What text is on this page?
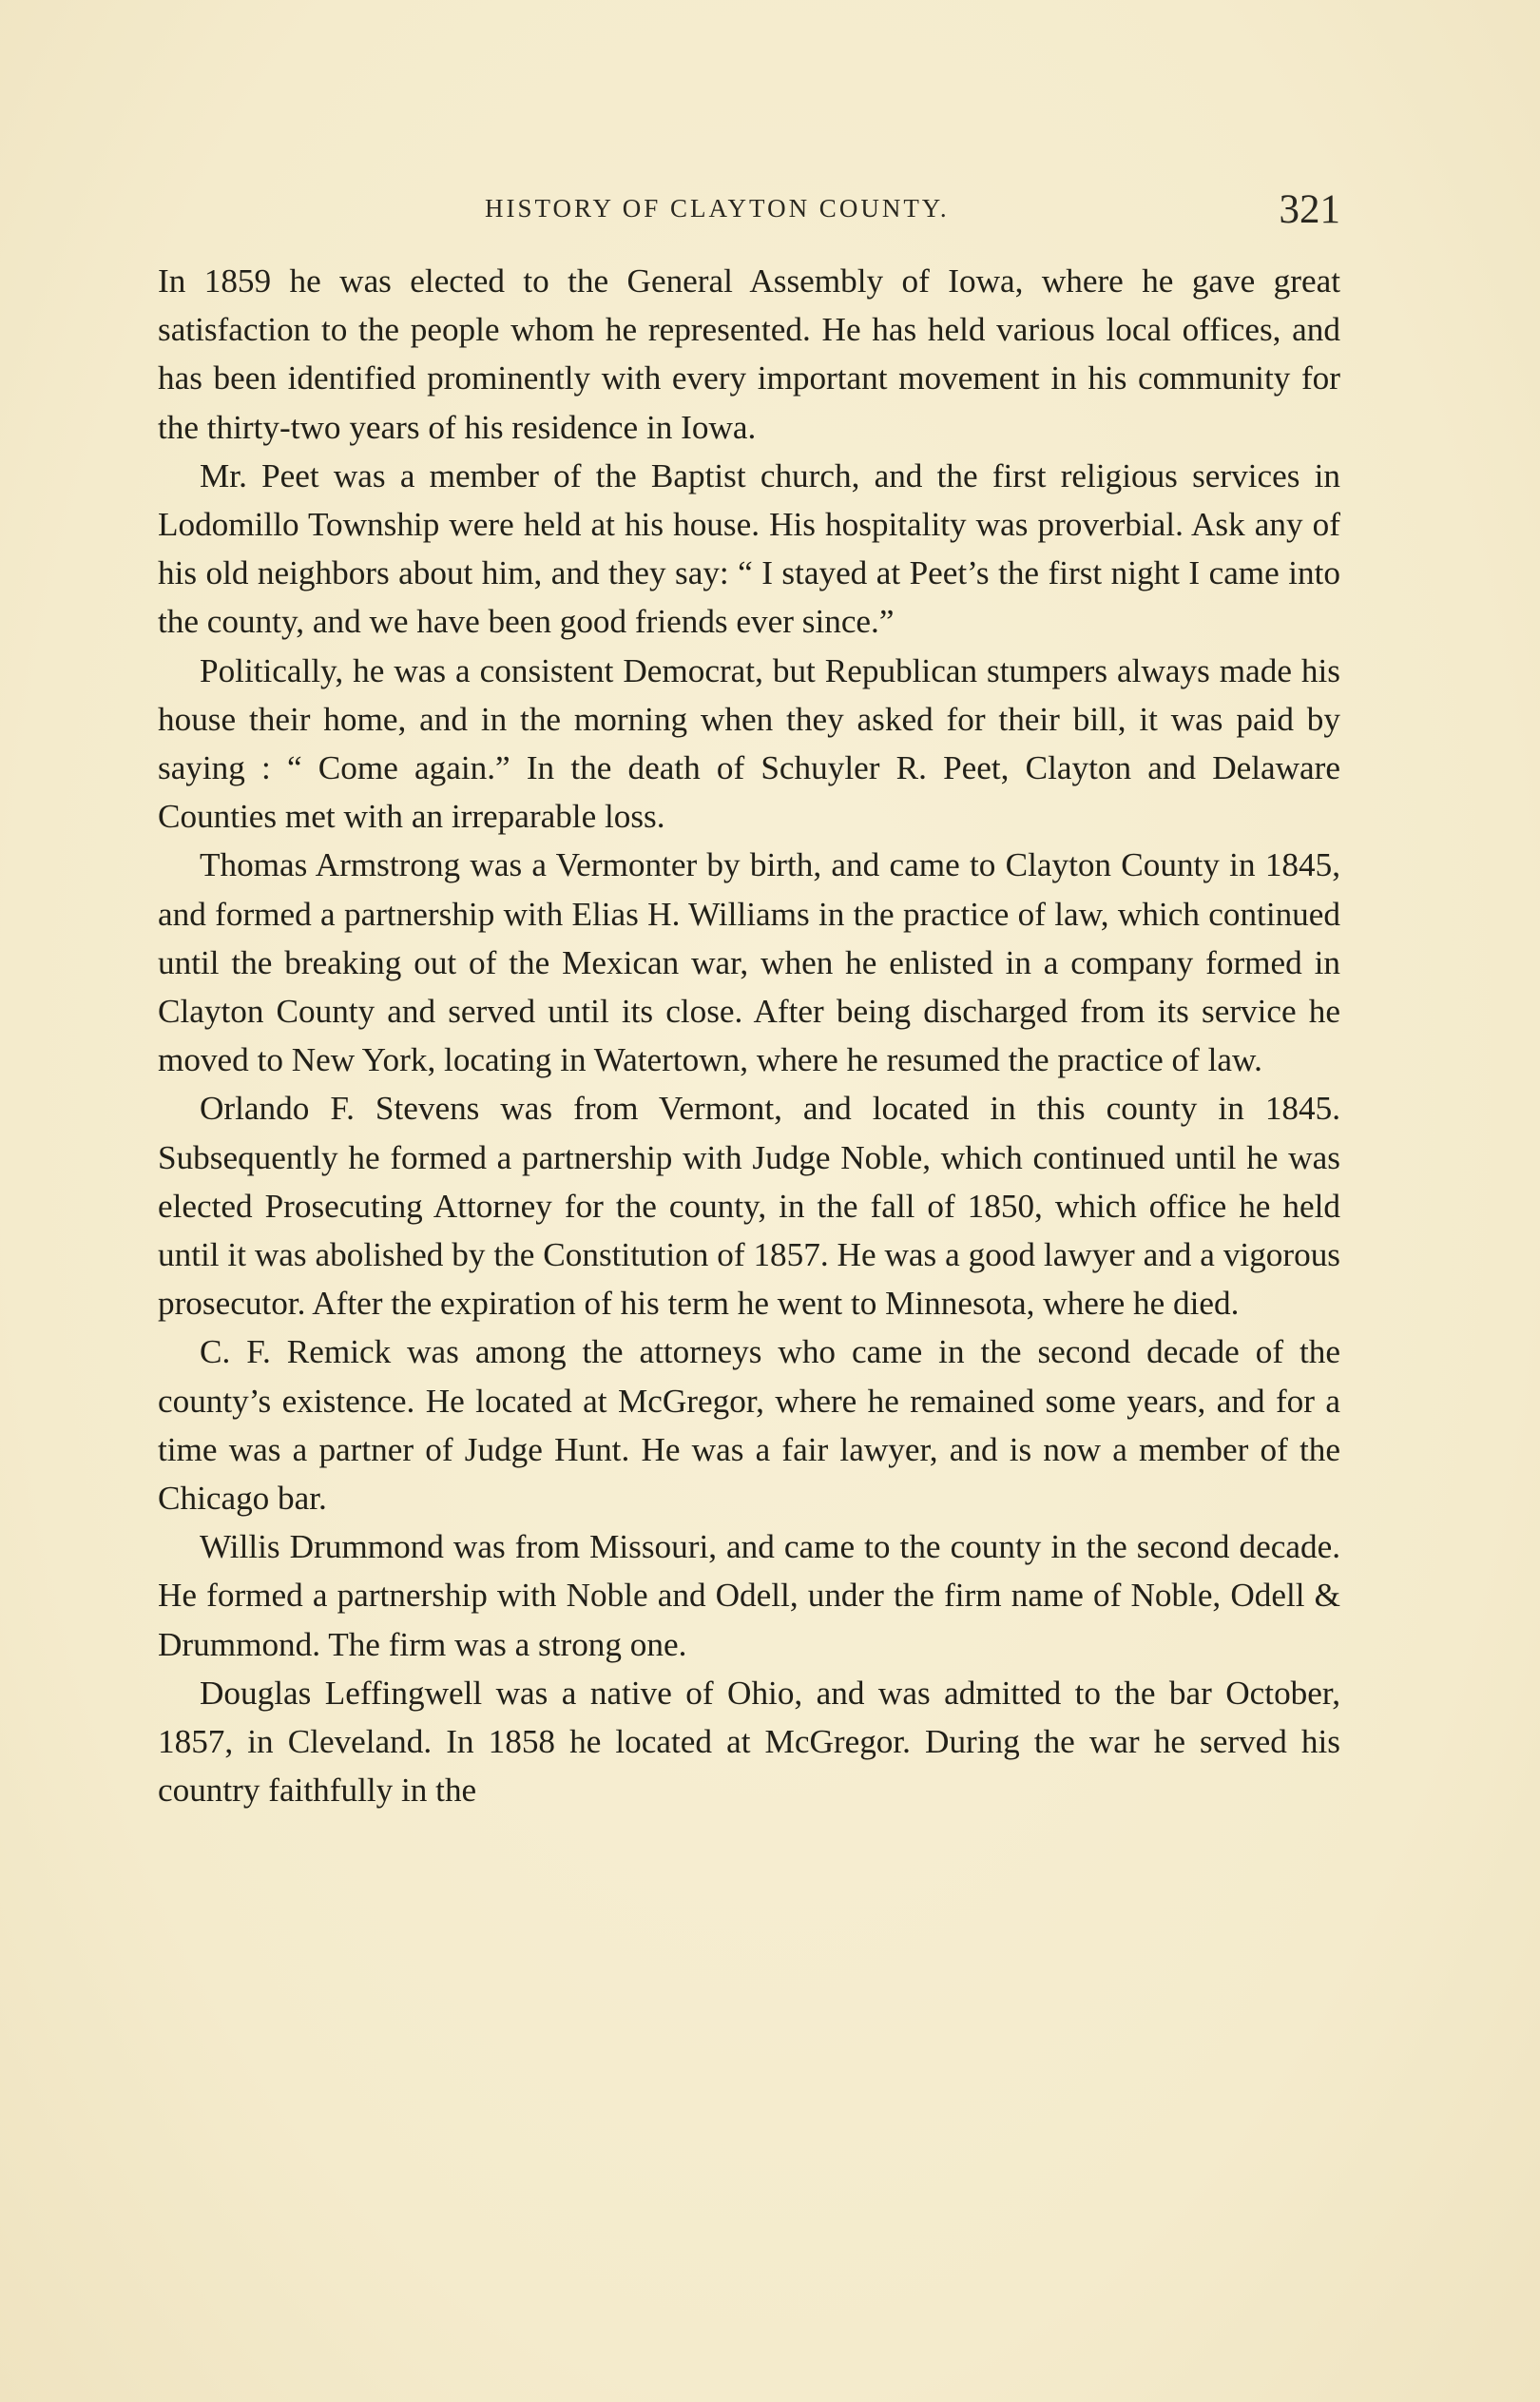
HISTORY OF CLAYTON COUNTY.	321

In 1859 he was elected to the General Assembly of Iowa, where he gave great satisfaction to the people whom he represented. He has held various local offices, and has been identified prominently with every important movement in his community for the thirty-two years of his residence in Iowa.

Mr. Peet was a member of the Baptist church, and the first religious services in Lodomillo Township were held at his house. His hospitality was proverbial. Ask any of his old neighbors about him, and they say: “ I stayed at Peet’s the first night I came into the county, and we have been good friends ever since.”

Politically, he was a consistent Democrat, but Republican stumpers always made his house their home, and in the morning when they asked for their bill, it was paid by saying : “ Come again.” In the death of Schuyler R. Peet, Clayton and Delaware Counties met with an irreparable loss.

Thomas Armstrong was a Vermonter by birth, and came to Clayton County in 1845, and formed a partnership with Elias H. Williams in the practice of law, which continued until the breaking out of the Mexican war, when he enlisted in a company formed in Clayton County and served until its close. After being discharged from its service he moved to New York, locating in Watertown, where he resumed the practice of law.

Orlando F. Stevens was from Vermont, and located in this county in 1845. Subsequently he formed a partnership with Judge Noble, which continued until he was elected Prosecuting Attorney for the county, in the fall of 1850, which office he held until it was abolished by the Constitution of 1857. He was a good lawyer and a vigorous prosecutor. After the expiration of his term he went to Minnesota, where he died.

C. F. Remick was among the attorneys who came in the second decade of the county’s existence. He located at McGregor, where he remained some years, and for a time was a partner of Judge Hunt. He was a fair lawyer, and is now a member of the Chicago bar.

Willis Drummond was from Missouri, and came to the county in the second decade. He formed a partnership with Noble and Odell, under the firm name of Noble, Odell & Drummond. The firm was a strong one.

Douglas Leffingwell was a native of Ohio, and was admitted to the bar October, 1857, in Cleveland. In 1858 he located at McGregor. During the war he served his country faithfully in the
